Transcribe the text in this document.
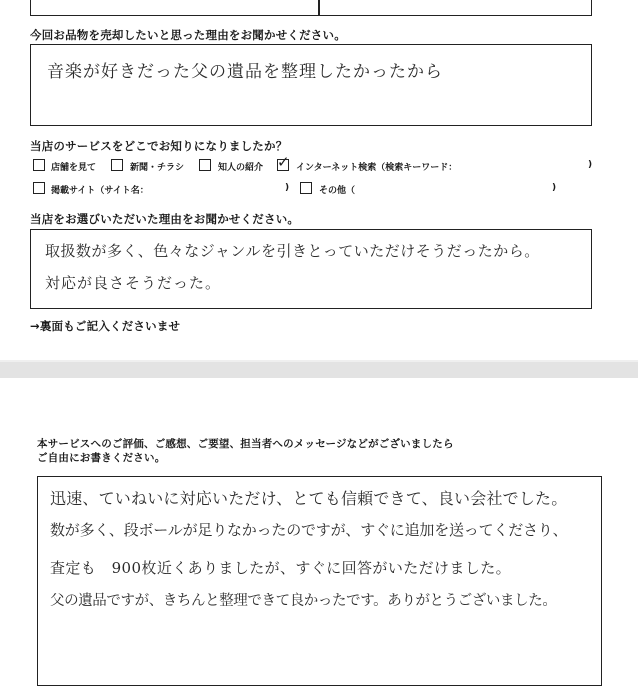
今回お品物を売却したいと思った理由をお聞かせください。
音楽が好きだった父の遺品を整理したかったから
当店のサービスをどこでお知りになりましたか？
店舗を見て	新聞・チラシ	知人の紹介 ✓ インターネット検索（検索キーワード：	)
掲載サイト（サイト名：	)	その他（	)
当店をお選びいただいた理由をお聞かせください。
取扱数が多く、色々なジャンルを引きとっていただけそうだったから。
対応が良さそうだった。
→裏面もご記入くださいませ
本サービスへのご評価、ご感想、ご要望、担当者へのメッセージなどがございましたら
ご自由にお書きください。
迅速、ていねいに対応いただけ、とても信頼できて、良い会社でした。
数が多く、段ボールが足りなかったのですが、すぐに追加を送ってくださり、
査定も　900枚近くありましたが、すぐに回答がいただけました。
父の遺品ですが、きちんと整理できて良かったです。ありがとうございました。
